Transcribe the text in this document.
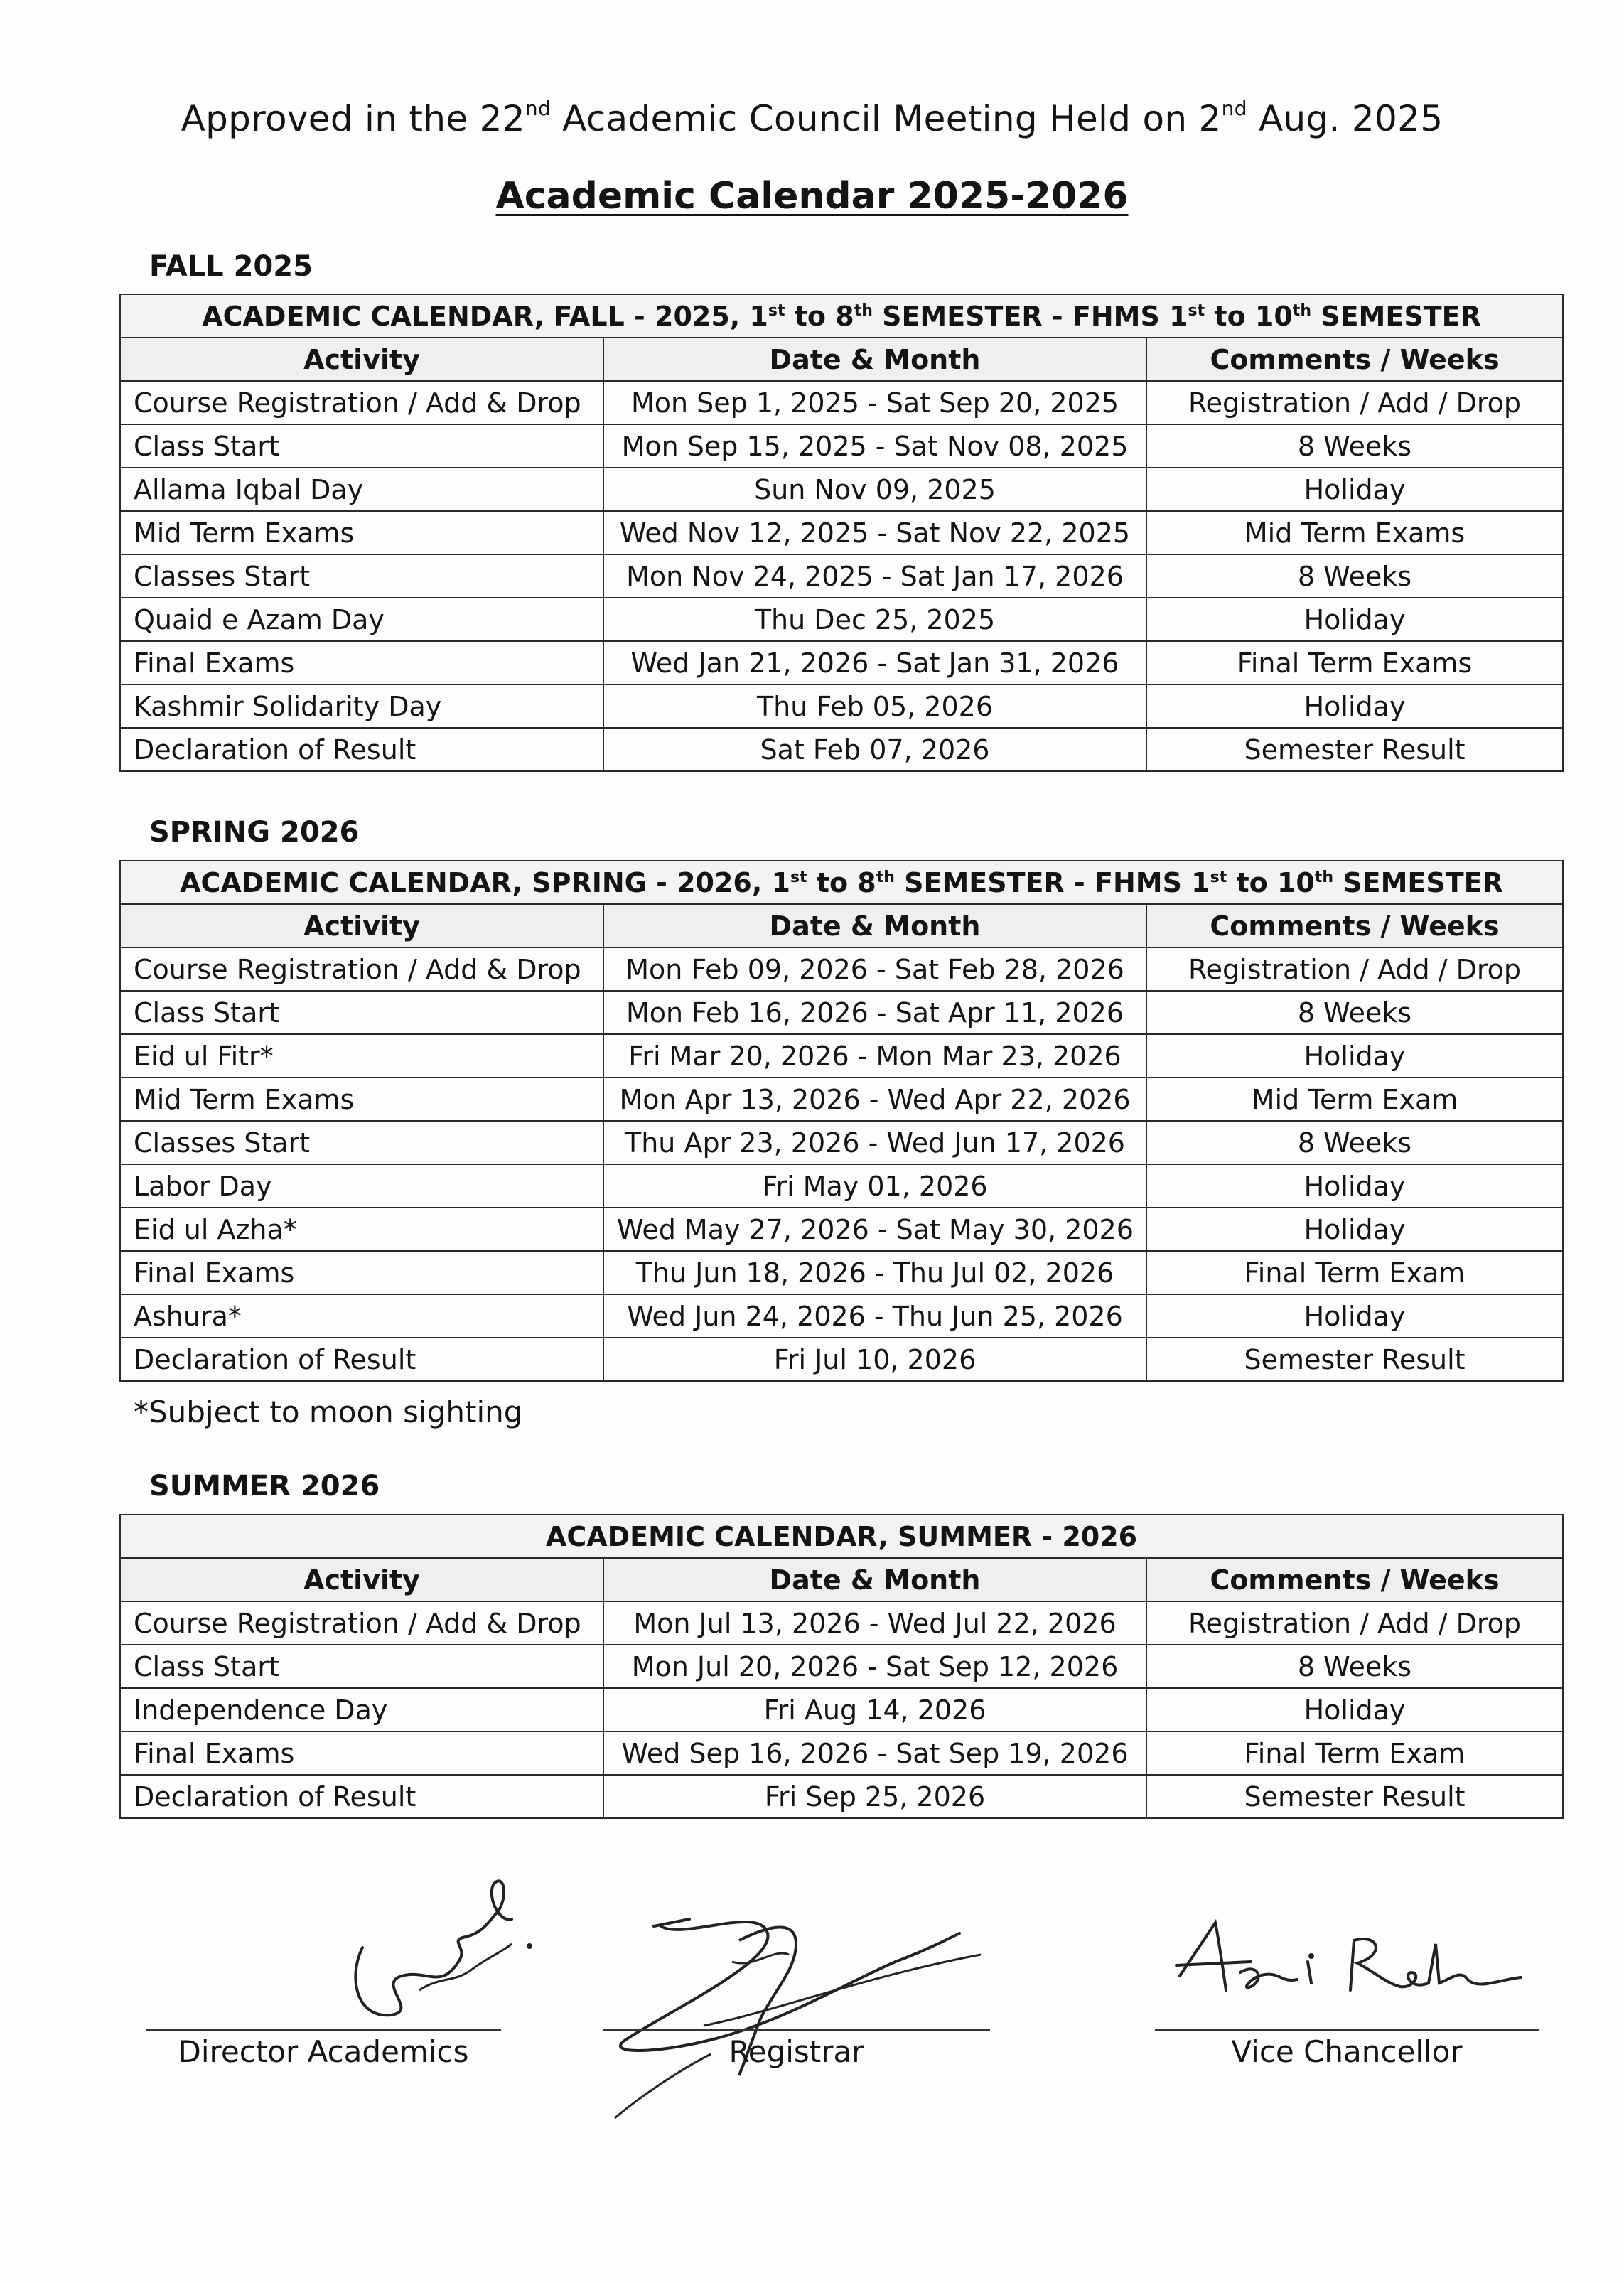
Approved in the 22nd Academic Council Meeting Held on 2nd Aug. 2025
Academic Calendar 2025-2026
FALL 2025
ACADEMIC CALENDAR, FALL - 2025, 1st to 8th SEMESTER - FHMS 1st to 10th SEMESTER		
Activity	Date & Month	Comments / Weeks
Course Registration / Add & Drop	Mon Sep 1, 2025 - Sat Sep 20, 2025	Registration / Add / Drop
Class Start	Mon Sep 15, 2025 - Sat Nov 08, 2025	8 Weeks
Allama Iqbal Day	Sun Nov 09, 2025	Holiday
Mid Term Exams	Wed Nov 12, 2025 - Sat Nov 22, 2025	Mid Term Exams
Classes Start	Mon Nov 24, 2025 - Sat Jan 17, 2026	8 Weeks
Quaid e Azam Day	Thu Dec 25, 2025	Holiday
Final Exams	Wed Jan 21, 2026 - Sat Jan 31, 2026	Final Term Exams
Kashmir Solidarity Day	Thu Feb 05, 2026	Holiday
Declaration of Result	Sat Feb 07, 2026	Semester Result
SPRING 2026
ACADEMIC CALENDAR, SPRING - 2026, 1st to 8th SEMESTER - FHMS 1st to 10th SEMESTER		
Activity	Date & Month	Comments / Weeks
Course Registration / Add & Drop	Mon Feb 09, 2026 - Sat Feb 28, 2026	Registration / Add / Drop
Class Start	Mon Feb 16, 2026 - Sat Apr 11, 2026	8 Weeks
Eid ul Fitr*	Fri Mar 20, 2026 - Mon Mar 23, 2026	Holiday
Mid Term Exams	Mon Apr 13, 2026 - Wed Apr 22, 2026	Mid Term Exam
Classes Start	Thu Apr 23, 2026 - Wed Jun 17, 2026	8 Weeks
Labor Day	Fri May 01, 2026	Holiday
Eid ul Azha*	Wed May 27, 2026 - Sat May 30, 2026	Holiday
Final Exams	Thu Jun 18, 2026 - Thu Jul 02, 2026	Final Term Exam
Ashura*	Wed Jun 24, 2026 - Thu Jun 25, 2026	Holiday
Declaration of Result	Fri Jul 10, 2026	Semester Result
*Subject to moon sighting
SUMMER 2026
ACADEMIC CALENDAR, SUMMER - 2026		
Activity	Date & Month	Comments / Weeks
Course Registration / Add & Drop	Mon Jul 13, 2026 - Wed Jul 22, 2026	Registration / Add / Drop
Class Start	Mon Jul 20, 2026 - Sat Sep 12, 2026	8 Weeks
Independence Day	Fri Aug 14, 2026	Holiday
Final Exams	Wed Sep 16, 2026 - Sat Sep 19, 2026	Final Term Exam
Declaration of Result	Fri Sep 25, 2026	Semester Result
Director Academics	Registrar	Vice Chancellor
